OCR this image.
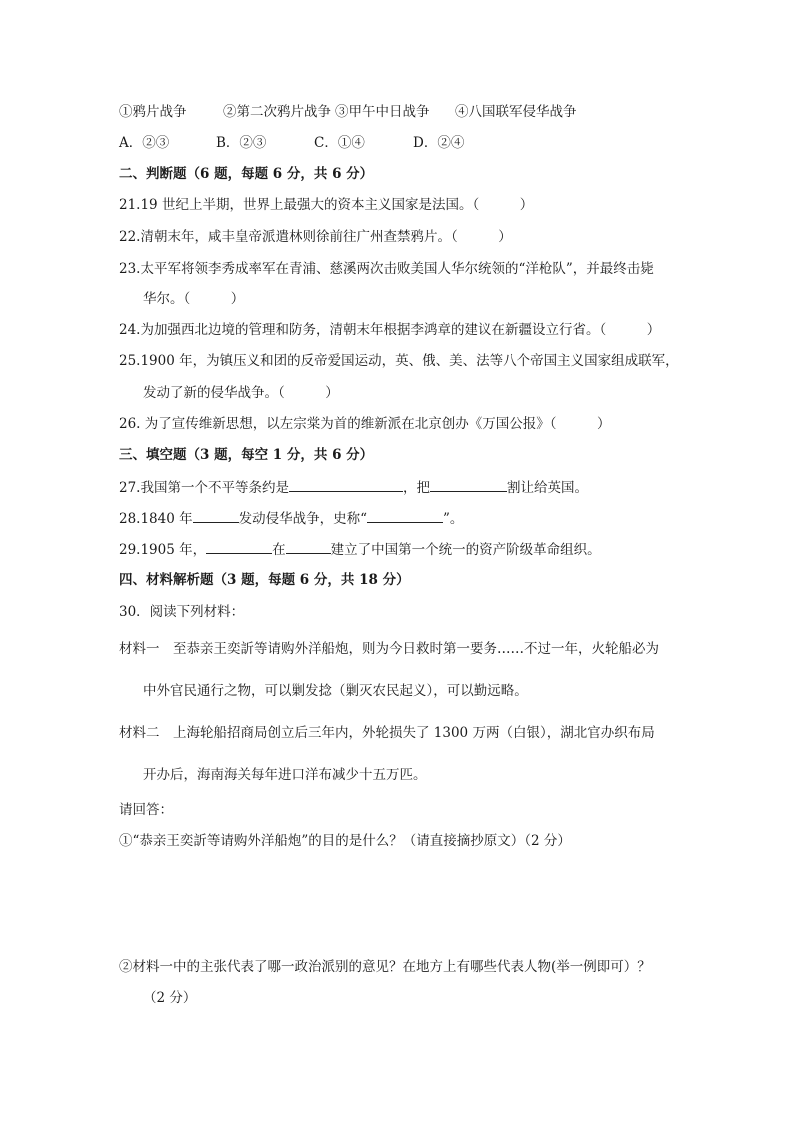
①鸦片战争	②第二次鸦片战争 ③甲午中日战争 ④八国联军侵华战争
A．②③	B．②③	C．①④	D．②④
二、判断题（6 题，每题 6 分，共 6 分）
21.19 世纪上半期，世界上最强大的资本主义国家是法国。（　　　）
22.清朝末年，咸丰皇帝派遣林则徐前往广州查禁鸦片。（　　　）
23.太平军将领李秀成率军在青浦、慈溪两次击败美国人华尔统领的“洋枪队”，并最终击毙
华尔。（　　　）
24.为加强西北边境的管理和防务，清朝末年根据李鸿章的建议在新疆设立行省。（　　　）
25.1900 年，为镇压义和团的反帝爱国运动，英、俄、美、法等八个帝国主义国家组成联军，
发动了新的侵华战争。（　　　）
26. 为了宣传维新思想，以左宗棠为首的维新派在北京创办《万国公报》（　　　）
三、填空题（3 题，每空 1 分，共 6 分）
27.我国第一个不平等条约是	，把	割让给英国。
28.1840 年	发动侵华战争，史称“	”。
29.1905 年，	在	建立了中国第一个统一的资产阶级革命组织。
四、材料解析题（3 题，每题 6 分，共 18 分）
30．阅读下列材料：
材料一　至恭亲王奕訢等请购外洋船炮，则为今日救时第一要务……不过一年，火轮船必为
中外官民通行之物，可以剿发捻（剿灭农民起义），可以勤远略。
材料二　上海轮船招商局创立后三年内，外轮损失了 1300 万两（白银），湖北官办织布局
开办后，海南海关每年进口洋布减少十五万匹。
请回答：
①“恭亲王奕訢等请购外洋船炮”的目的是什么？（请直接摘抄原文）（2 分）
②材料一中的主张代表了哪一政治派别的意见？在地方上有哪些代表人物(举一例即可）？
（2 分）
